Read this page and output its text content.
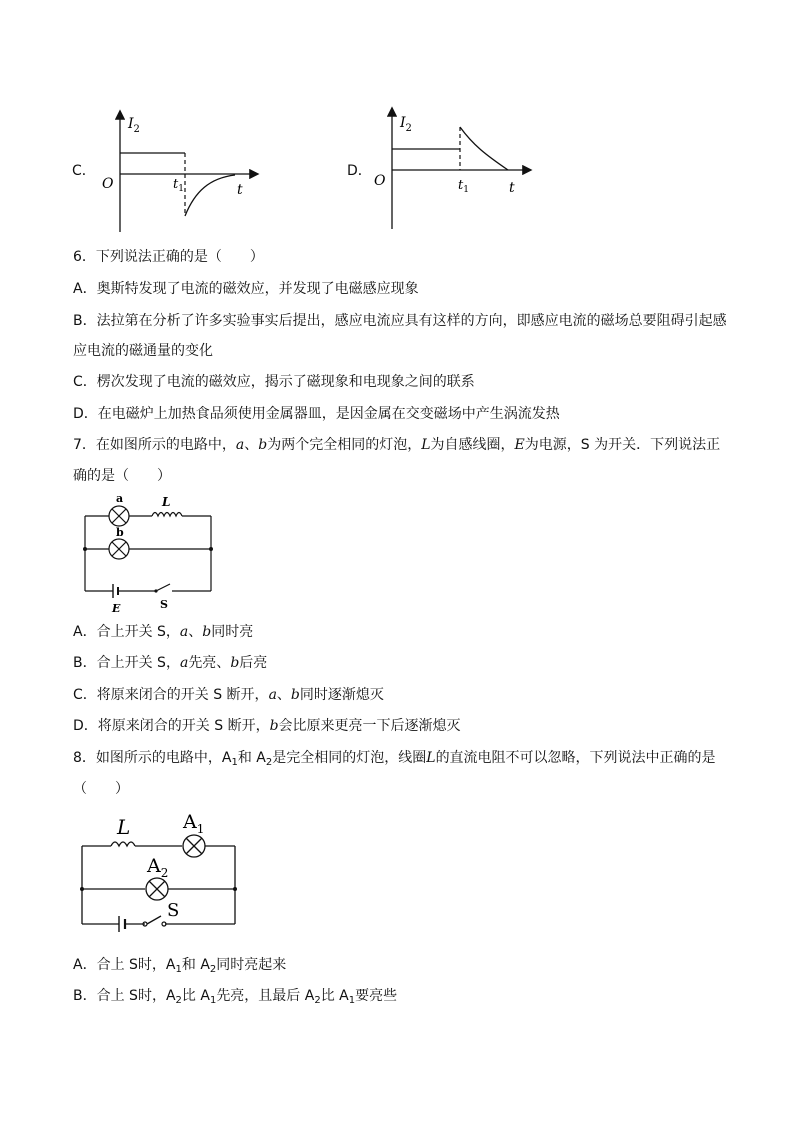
C．
$I_2$
O	$t_1$	t
D．
$I_2$
O	$t_1$	t
6．下列说法正确的是（　　）
A．奥斯特发现了电流的磁效应，并发现了电磁感应现象
B．法拉第在分析了许多实验事实后提出，感应电流应具有这样的方向，即感应电流的磁场总要阻碍引起感
应电流的磁通量的变化
C．楞次发现了电流的磁效应，揭示了磁现象和电现象之间的联系
D．在电磁炉上加热食品须使用金属器皿，是因金属在交变磁场中产生涡流发热
7．在如图所示的电路中，a、b为两个完全相同的灯泡，L为自感线圈，E为电源，S 为开关．下列说法正
确的是（　　）
a
b
L
E	S
A．合上开关 S，a、b同时亮
B．合上开关 S，a先亮、b后亮
C．将原来闭合的开关 S 断开，a、b同时逐渐熄灭
D．将原来闭合的开关 S 断开，b会比原来更亮一下后逐渐熄灭
8．如图所示的电路中，$A_1$和 $A_2$是完全相同的灯泡，线圈L的直流电阻不可以忽略，下列说法中正确的是
（　　）
L	$A_1$
$A_2$
S
A．合上 S时，$A_1$和 $A_2$同时亮起来
B．合上 S时，$A_2$比 $A_1$先亮，且最后 $A_2$比 $A_1$要亮些
